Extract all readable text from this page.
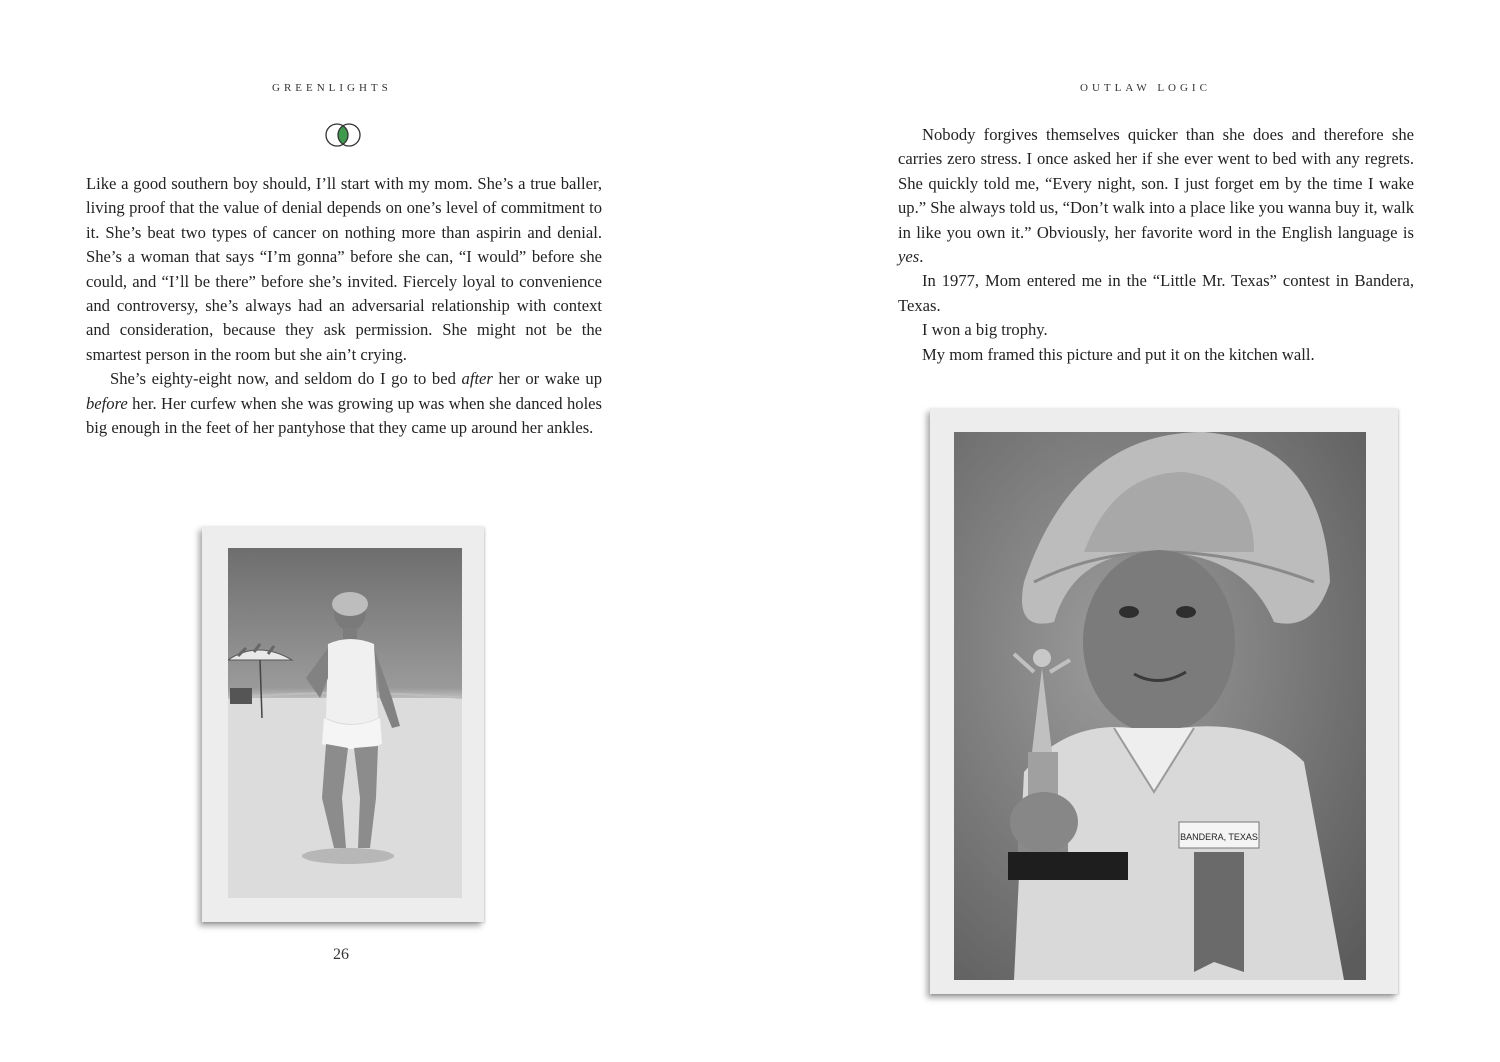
GREENLIGHTS

Like a good southern boy should, I’ll start with my mom. She’s a true baller, living proof that the value of denial depends on one’s level of commitment to it. She’s beat two types of cancer on nothing more than aspirin and denial. She’s a woman that says “I’m gonna” before she can, “I would” before she could, and “I’ll be there” before she’s invited. Fiercely loyal to convenience and controversy, she’s always had an adversarial relationship with context and consideration, because they ask permission. She might not be the smartest person in the room but she ain’t crying.

She’s eighty-eight now, and seldom do I go to bed after her or wake up before her. Her curfew when she was growing up was when she danced holes big enough in the feet of her pantyhose that they came up around her ankles.

26
OUTLAW LOGIC

Nobody forgives themselves quicker than she does and therefore she carries zero stress. I once asked her if she ever went to bed with any regrets. She quickly told me, “Every night, son. I just forget em by the time I wake up.” She always told us, “Don’t walk into a place like you wanna buy it, walk in like you own it.” Obviously, her favorite word in the English language is yes.

In 1977, Mom entered me in the “Little Mr. Texas” contest in Bandera, Texas.

I won a big trophy.

My mom framed this picture and put it on the kitchen wall.

BANDERA, TEXAS
